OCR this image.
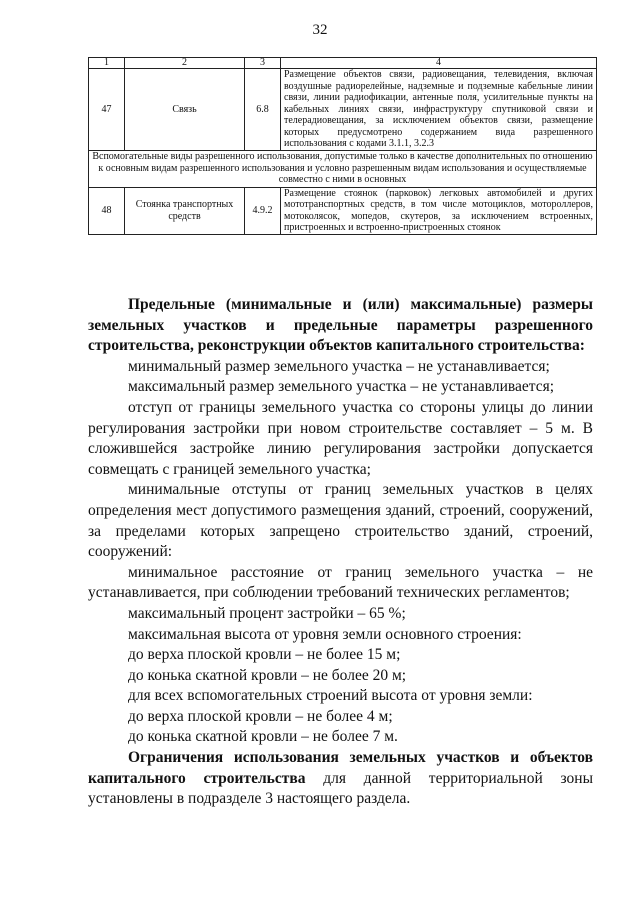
32
1	2	3	4
47	Связь	6.8	Размещение объектов связи, радиовещания, телевидения, включая воздушные радиорелейные, надземные и подземные кабельные линии связи, линии радиофикации, антенные поля, усилительные пункты на кабельных линиях связи, инфраструктуру спутниковой связи и телерадиовещания, за исключением объектов связи, размещение которых предусмотрено содержанием вида разрешенного использования с кодами 3.1.1, 3.2.3
Вспомогательные виды разрешенного использования, допустимые только в качестве дополнительных по отношению к основным видам разрешенного использования и условно разрешенным видам использования и осуществляемые совместно с ними в основных			
48	Стоянка транспортных средств	4.9.2	Размещение стоянок (парковок) легковых автомобилей и других мототранспортных средств, в том числе мотоциклов, мотороллеров, мотоколясок, мопедов, скутеров, за исключением встроенных, пристроенных и встроенно-пристроенных стоянок

Предельные (минимальные и (или) максимальные) размеры земельных участков и предельные параметры разрешенного строительства, реконструкции объектов капитального строительства:

минимальный размер земельного участка – не устанавливается;

максимальный размер земельного участка – не устанавливается;

отступ от границы земельного участка со стороны улицы до линии регулирования застройки при новом строительстве составляет – 5 м. В сложившейся застройке линию регулирования застройки допускается совмещать с границей земельного участка;

минимальные отступы от границ земельных участков в целях определения мест допустимого размещения зданий, строений, сооружений, за пределами которых запрещено строительство зданий, строений, сооружений:

минимальное расстояние от границ земельного участка – не устанавливается, при соблюдении требований технических регламентов;

максимальный процент застройки – 65 %;

максимальная высота от уровня земли основного строения:

до верха плоской кровли – не более 15 м;

до конька скатной кровли – не более 20 м;

для всех вспомогательных строений высота от уровня земли:

до верха плоской кровли – не более 4 м;

до конька скатной кровли – не более 7 м.

Ограничения использования земельных участков и объектов капитального строительства для данной территориальной зоны установлены в подразделе 3 настоящего раздела.
